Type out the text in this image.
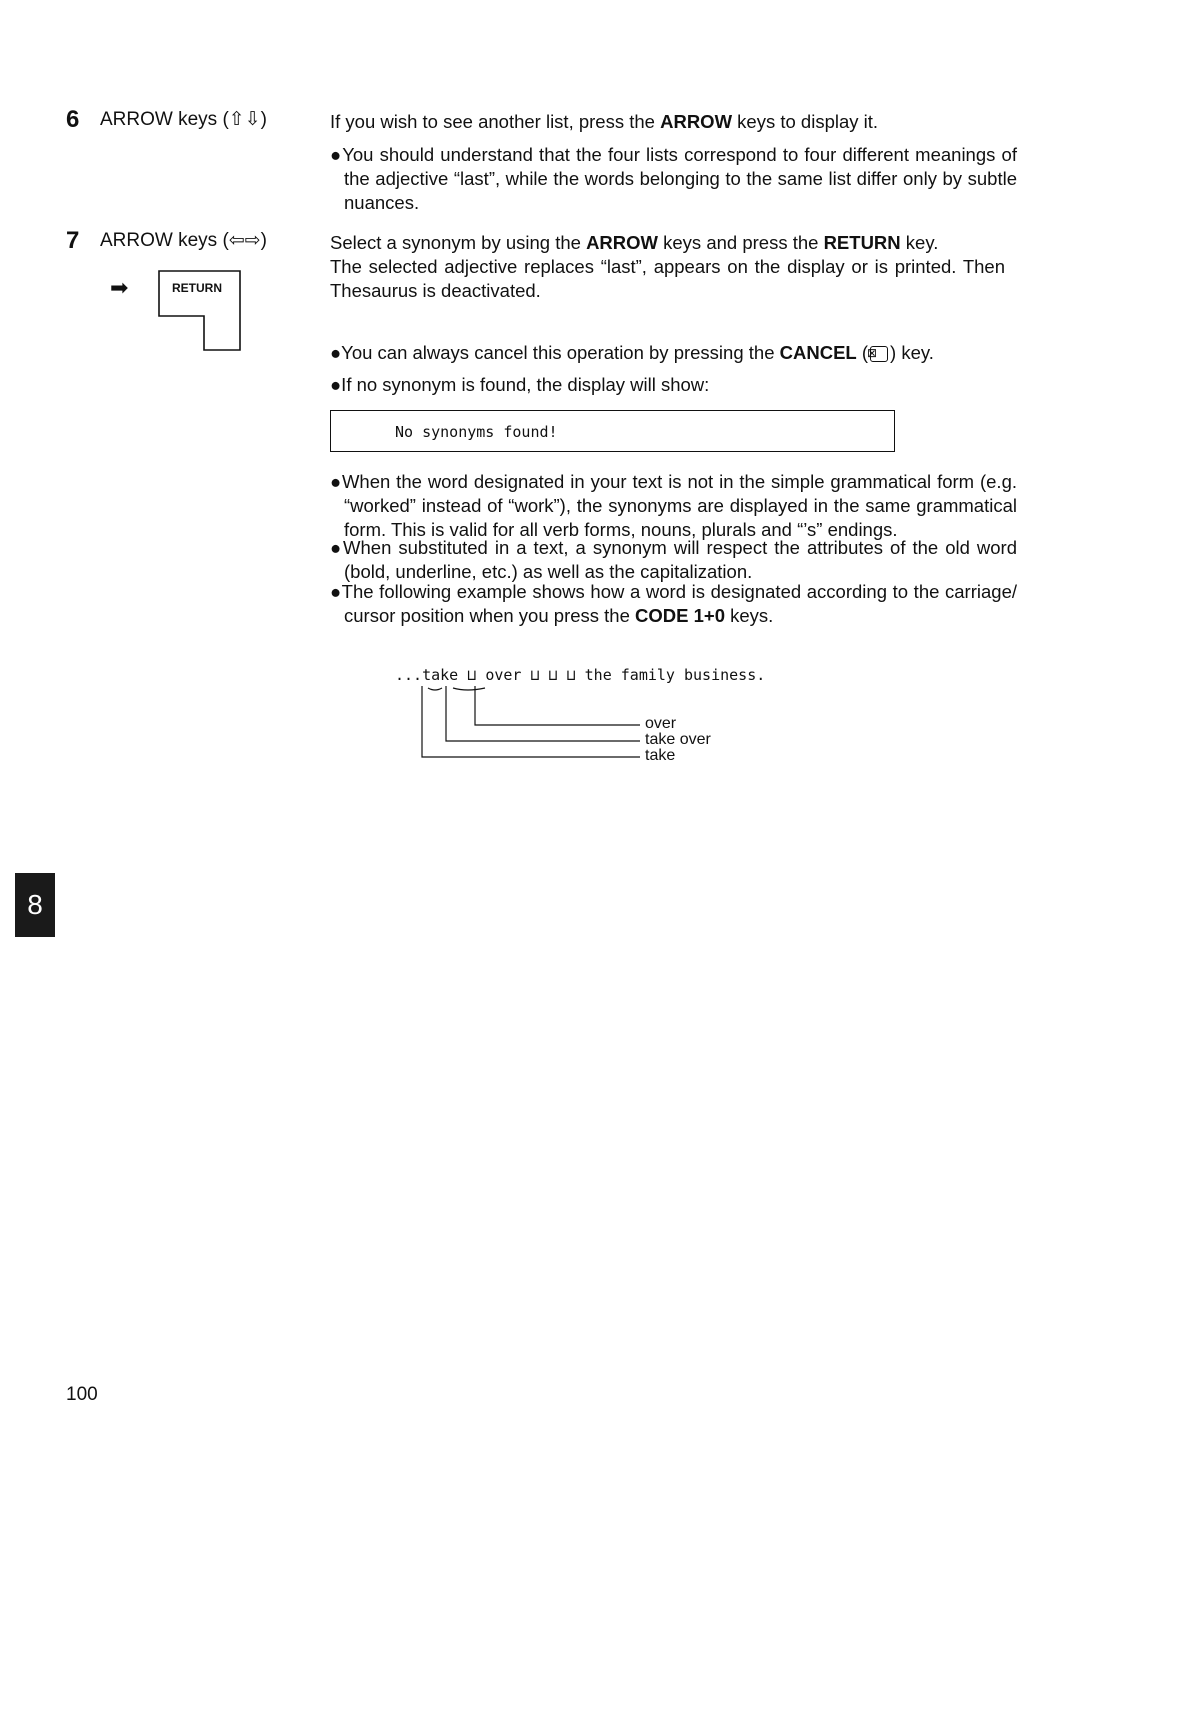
6 ARROW keys (⇧⇩)	If you wish to see another list, press the ARROW keys to display it.
●You should understand that the four lists correspond to four different meanings of the adjective “last”, while the words belonging to the same list differ only by subtle nuances.
7 ARROW keys (⇦⇨)
➡	RETURN
Select a synonym by using the ARROW keys and press the RETURN key.
The selected adjective replaces “last”, appears on the display or is printed. Then Thesaurus is deactivated.
●You can always cancel this operation by pressing the CANCEL (⊠ ) key.
●If no synonym is found, the display will show:
No synonyms found!
●When the word designated in your text is not in the simple grammatical form (e.g. “worked” instead of “work”), the synonyms are displayed in the same grammatical form. This is valid for all verb forms, nouns, plurals and “’s” endings.
●When substituted in a text, a synonym will respect the attributes of the old word (bold, underline, etc.) as well as the capitalization.
●The following example shows how a word is designated according to the carriage/ cursor position when you press the CODE 1+0 keys.
...take ⊔ over ⊔ ⊔ ⊔ the family business.
over
take over
take
8
100
